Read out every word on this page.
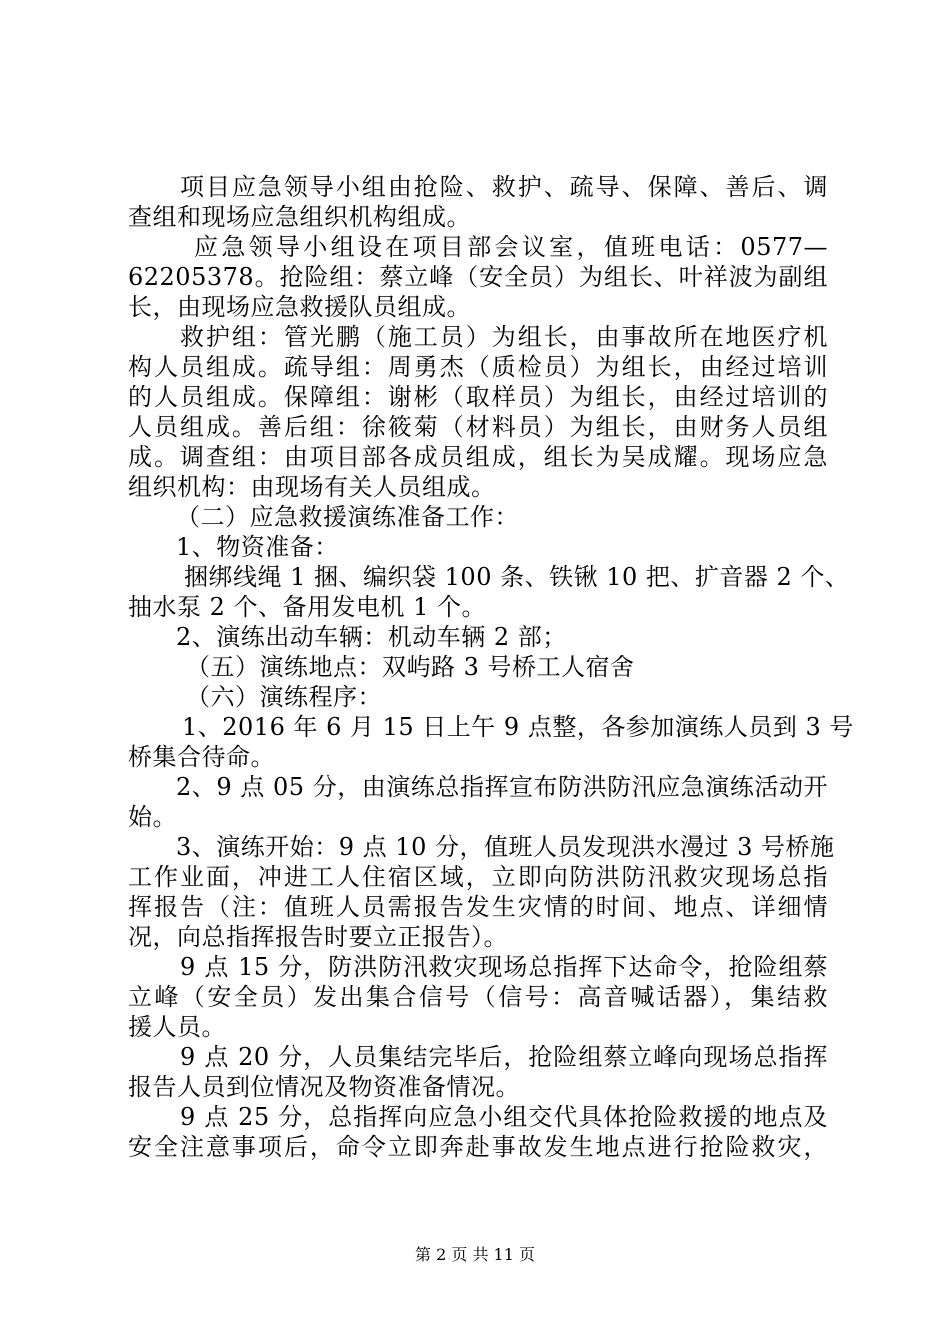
项目应急领导小组由抢险、救护、疏导、保障、善后、调
查组和现场应急组织机构组成。
应急领导小组设在项目部会议室，值班电话：0577—
62205378。抢险组：蔡立峰（安全员）为组长、叶祥波为副组
长，由现场应急救援队员组成。
救护组：管光鹏（施工员）为组长，由事故所在地医疗机
构人员组成。疏导组：周勇杰（质检员）为组长，由经过培训
的人员组成。保障组：谢彬（取样员）为组长，由经过培训的
人员组成。善后组：徐筱菊（材料员）为组长，由财务人员组
成。调查组：由项目部各成员组成，组长为吴成耀。现场应急
组织机构：由现场有关人员组成。
（二）应急救援演练准备工作：
1、物资准备：
捆绑线绳 1 捆、编织袋 100 条、铁锹 10 把、扩音器 2 个、
抽水泵 2 个、备用发电机 1 个。
2、演练出动车辆：机动车辆 2 部；
（五）演练地点：双屿路 3 号桥工人宿舍
（六）演练程序：
1、2016 年 6 月 15 日上午 9 点整，各参加演练人员到 3 号
桥集合待命。
2、9 点 05 分，由演练总指挥宣布防洪防汛应急演练活动开
始。
3、演练开始：9 点 10 分，值班人员发现洪水漫过 3 号桥施
工作业面，冲进工人住宿区域，立即向防洪防汛救灾现场总指
挥报告（注：值班人员需报告发生灾情的时间、地点、详细情
况，向总指挥报告时要立正报告）。
9 点 15 分，防洪防汛救灾现场总指挥下达命令，抢险组蔡
立峰（安全员）发出集合信号（信号：高音喊话器），集结救
援人员。
9 点 20 分，人员集结完毕后，抢险组蔡立峰向现场总指挥
报告人员到位情况及物资准备情况。
9 点 25 分，总指挥向应急小组交代具体抢险救援的地点及
安全注意事项后，命令立即奔赴事故发生地点进行抢险救灾，
第 2 页 共 11 页
